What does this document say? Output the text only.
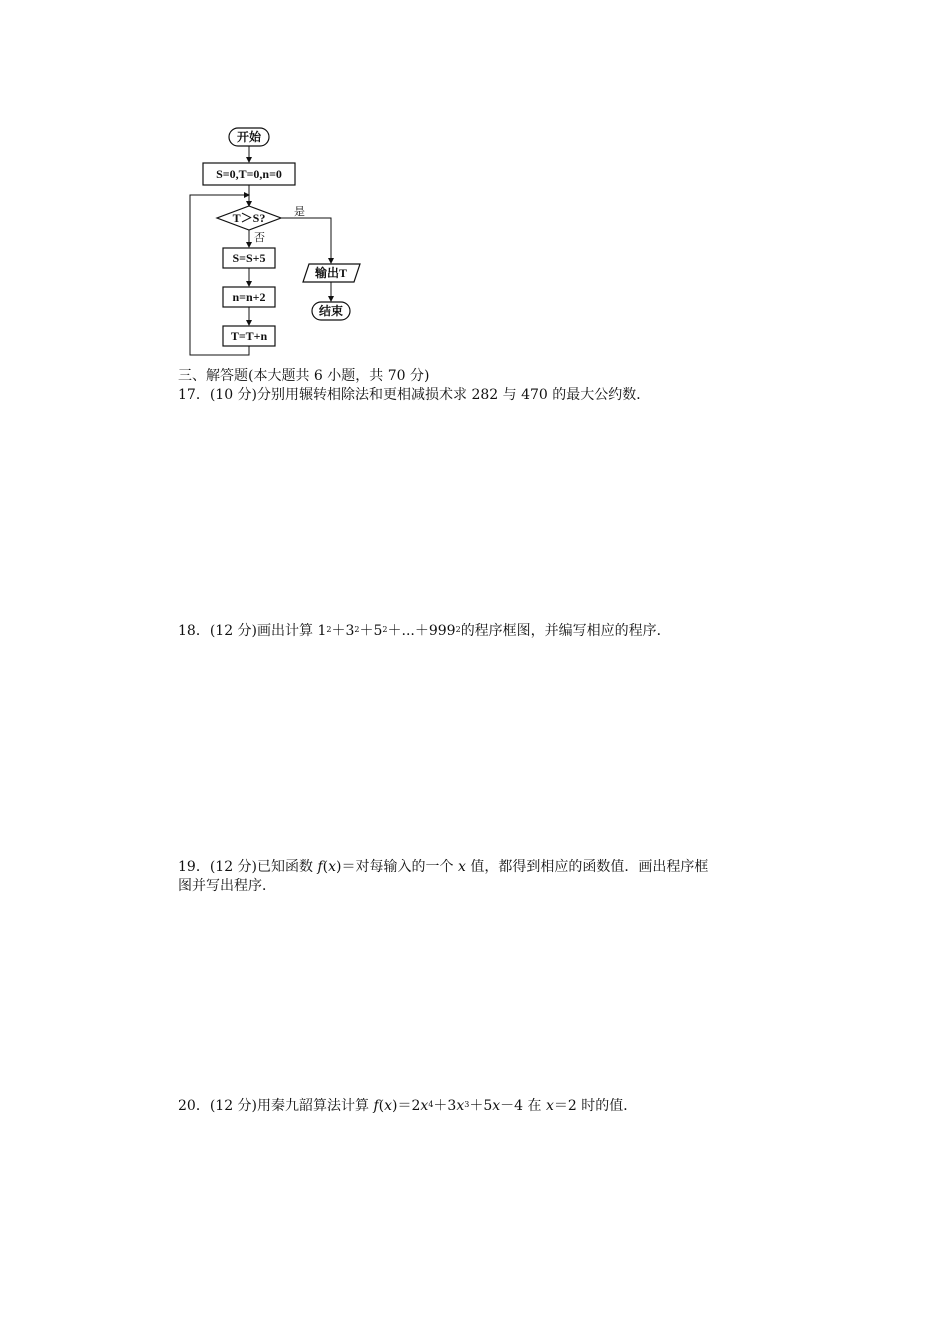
开始
S=0,T=0,n=0
T＞S?	是
否
S=S+5
n=n+2
T=T+n
输出T
结束
三、解答题(本大题共 6 小题，共 70 分)
17．(10 分)分别用辗转相除法和更相减损术求 282 与 470 的最大公约数．
18．(12 分)画出计算 $1^2+3^2+5^2+...+999^2$的程序框图，并编写相应的程序．
19．(12 分)已知函数 f(x)＝对每输入的一个 x 值，都得到相应的函数值．画出程序框
图并写出程序．
20．(12 分)用秦九韶算法计算 $f(x)=2x^4+3x^3+5x-4$ 在 x＝2 时的值．
